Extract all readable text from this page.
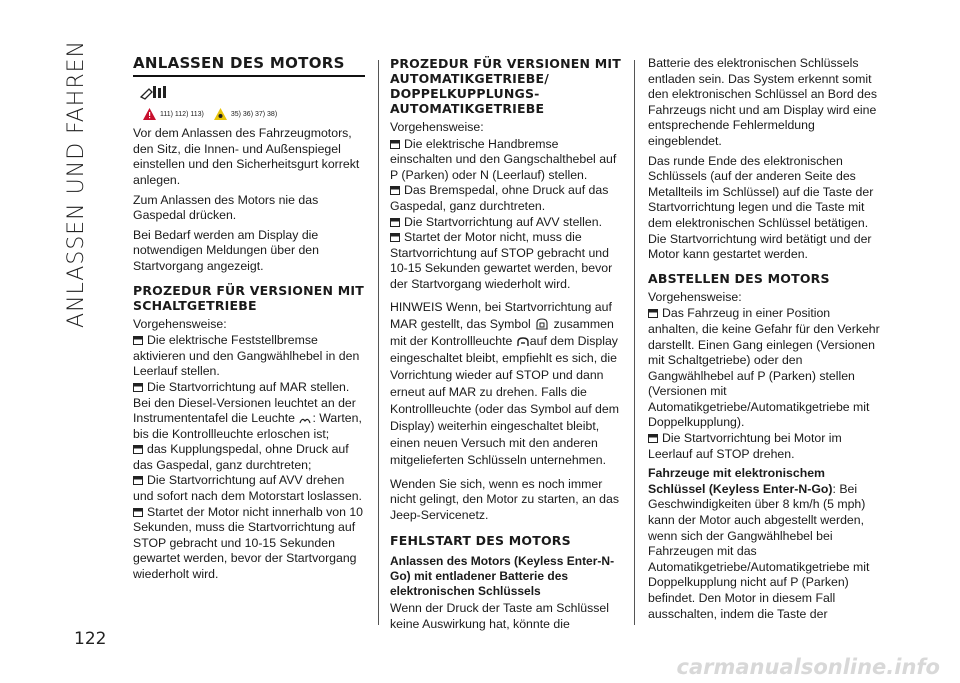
ANLASSEN UND FAHREN
122
ANLASSEN DES MOTORS
111) 112) 113)	35) 36) 37) 38)

Vor dem Anlassen des Fahrzeugmotors, den Sitz, die Innen- und Außenspiegel einstellen und den Sicherheitsgurt korrekt anlegen.

Zum Anlassen des Motors nie das Gaspedal drücken.

Bei Bedarf werden am Display die notwendigen Meldungen über den Startvorgang angezeigt.

PROZEDUR FÜR VERSIONEN MIT SCHALTGETRIEBE

Vorgehensweise:

Die elektrische Feststellbremse aktivieren und den Gangwählhebel in den Leerlauf stellen.

Die Startvorrichtung auf MAR stellen. Bei den Diesel-Versionen leuchtet an der Instrumententafel die Leuchte : Warten, bis die Kontrollleuchte erloschen ist;

das Kupplungspedal, ohne Druck auf das Gaspedal, ganz durchtreten;

Die Startvorrichtung auf AVV drehen und sofort nach dem Motorstart loslassen.

Startet der Motor nicht innerhalb von 10 Sekunden, muss die Startvorrichtung auf STOP gebracht und 10-15 Sekunden gewartet werden, bevor der Startvorgang wiederholt wird.

PROZEDUR FÜR VERSIONEN MIT AUTOMATIKGETRIEBE/ DOPPELKUPPLUNGS- AUTOMATIKGETRIEBE

Vorgehensweise:

Die elektrische Handbremse einschalten und den Gangschalthebel auf P (Parken) oder N (Leerlauf) stellen.

Das Bremspedal, ohne Druck auf das Gaspedal, ganz durchtreten.

Die Startvorrichtung auf AVV stellen.

Startet der Motor nicht, muss die Startvorrichtung auf STOP gebracht und 10-15 Sekunden gewartet werden, bevor der Startvorgang wiederholt wird.

HINWEIS Wenn, bei Startvorrichtung auf MAR gestellt, das Symbol zusammen mit der Kontrollleuchte auf dem Display eingeschaltet bleibt, empfiehlt es sich, die Vorrichtung wieder auf STOP und dann erneut auf MAR zu drehen. Falls die Kontrollleuchte (oder das Symbol auf dem Display) weiterhin eingeschaltet bleibt, einen neuen Versuch mit den anderen mitgelieferten Schlüsseln unternehmen.

Wenden Sie sich, wenn es noch immer nicht gelingt, den Motor zu starten, an das Jeep-Servicenetz.

FEHLSTART DES MOTORS
Anlassen des Motors (Keyless Enter-N-Go) mit entladener Batterie des elektronischen Schlüssels

Wenn der Druck der Taste am Schlüssel keine Auswirkung hat, könnte die

Batterie des elektronischen Schlüssels entladen sein. Das System erkennt somit den elektronischen Schlüssel an Bord des Fahrzeugs nicht und am Display wird eine entsprechende Fehlermeldung eingeblendet.

Das runde Ende des elektronischen Schlüssels (auf der anderen Seite des Metallteils im Schlüssel) auf die Taste der Startvorrichtung legen und die Taste mit dem elektronischen Schlüssel betätigen. Die Startvorrichtung wird betätigt und der Motor kann gestartet werden.

ABSTELLEN DES MOTORS

Vorgehensweise:

Das Fahrzeug in einer Position anhalten, die keine Gefahr für den Verkehr darstellt. Einen Gang einlegen (Versionen mit Schaltgetriebe) oder den Gangwählhebel auf P (Parken) stellen (Versionen mit Automatikgetriebe/Automatikgetriebe mit Doppelkupplung).

Die Startvorrichtung bei Motor im Leerlauf auf STOP drehen.

Fahrzeuge mit elektronischem Schlüssel (Keyless Enter-N-Go): Bei Geschwindigkeiten über 8 km/h (5 mph) kann der Motor auch abgestellt werden, wenn sich der Gangwählhebel bei Fahrzeugen mit das Automatikgetriebe/Automatikgetriebe mit Doppelkupplung nicht auf P (Parken) befindet. Den Motor in diesem Fall ausschalten, indem die Taste der

carmanualsonline.info
